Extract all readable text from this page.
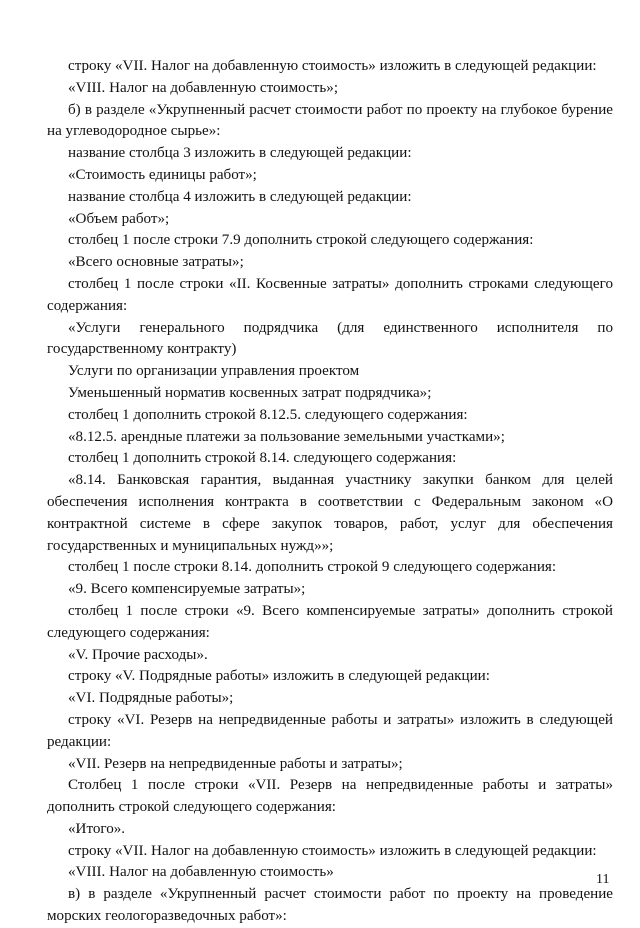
строку «VII. Налог на добавленную стоимость» изложить в следующей редакции:

«VIII. Налог на добавленную стоимость»;

б) в разделе «Укрупненный расчет стоимости работ по проекту на глубокое бурение на углеводородное сырье»:

название столбца 3 изложить в следующей редакции:

«Стоимость единицы работ»;

название столбца 4 изложить в следующей редакции:

«Объем работ»;

столбец 1 после строки 7.9 дополнить строкой следующего содержания:

«Всего основные затраты»;

столбец 1 после строки «II. Косвенные затраты» дополнить строками следующего содержания:

«Услуги генерального подрядчика (для единственного исполнителя по государственному контракту)

Услуги по организации управления проектом

Уменьшенный норматив косвенных затрат подрядчика»;

столбец 1 дополнить строкой 8.12.5. следующего содержания:

«8.12.5. арендные платежи за пользование земельными участками»;

столбец 1 дополнить строкой 8.14. следующего содержания:

«8.14. Банковская гарантия, выданная участнику закупки банком для целей обеспечения исполнения контракта в соответствии с Федеральным законом «О контрактной системе в сфере закупок товаров, работ, услуг для обеспечения государственных и муниципальных нужд»»;

столбец 1 после строки 8.14. дополнить строкой 9 следующего содержания:

«9. Всего компенсируемые затраты»;

столбец 1 после строки «9. Всего компенсируемые затраты» дополнить строкой следующего содержания:

«V. Прочие расходы».

строку «V. Подрядные работы» изложить в следующей редакции:

«VI. Подрядные работы»;

строку «VI. Резерв на непредвиденные работы и затраты» изложить в следующей редакции:

«VII. Резерв на непредвиденные работы и затраты»;

Столбец 1 после строки «VII. Резерв на непредвиденные работы и затраты» дополнить строкой следующего содержания:

«Итого».

строку «VII. Налог на добавленную стоимость» изложить в следующей редакции:

«VIII. Налог на добавленную стоимость»

в) в разделе «Укрупненный расчет стоимости работ по проекту на проведение морских геологоразведочных работ»:

11
